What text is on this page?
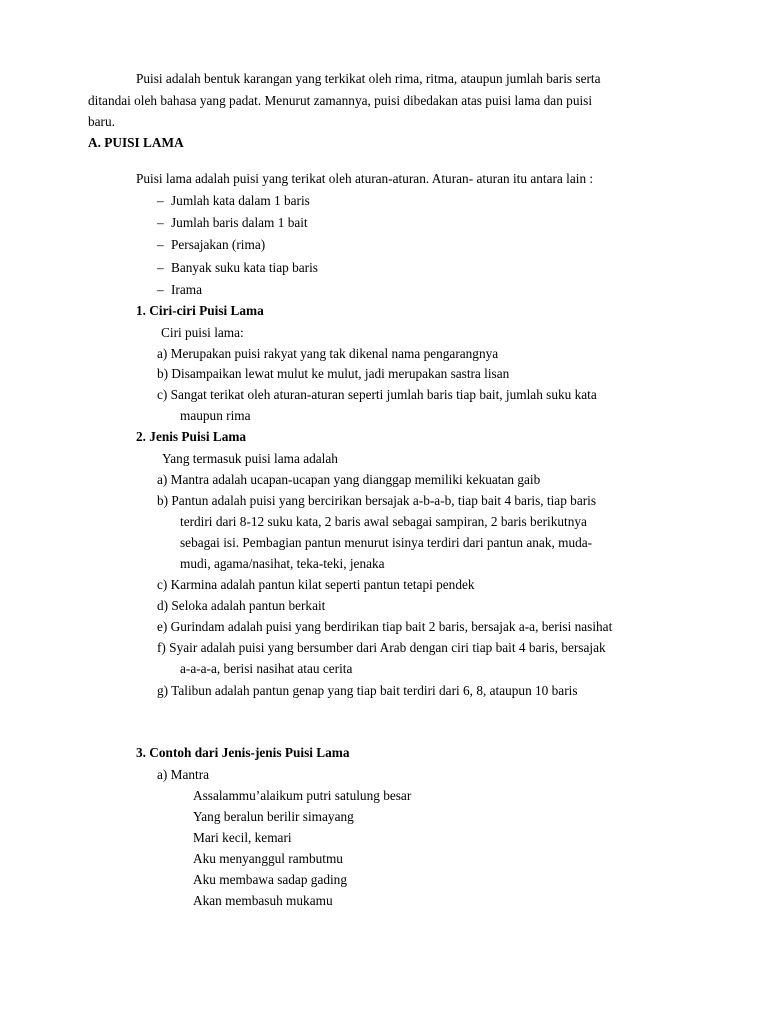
Puisi adalah bentuk karangan yang terkikat oleh rima, ritma, ataupun jumlah baris serta
ditandai oleh bahasa yang padat. Menurut zamannya, puisi dibedakan atas puisi lama dan puisi
baru.
A. PUISI LAMA
Puisi lama adalah puisi yang terikat oleh aturan-aturan. Aturan- aturan itu antara lain :
– Jumlah kata dalam 1 baris
– Jumlah baris dalam 1 bait
– Persajakan (rima)
– Banyak suku kata tiap baris
– Irama
1. Ciri-ciri Puisi Lama
Ciri puisi lama:
a) Merupakan puisi rakyat yang tak dikenal nama pengarangnya
b) Disampaikan lewat mulut ke mulut, jadi merupakan sastra lisan
c) Sangat terikat oleh aturan-aturan seperti jumlah baris tiap bait, jumlah suku kata
maupun rima
2. Jenis Puisi Lama
Yang termasuk puisi lama adalah
a) Mantra adalah ucapan-ucapan yang dianggap memiliki kekuatan gaib
b) Pantun adalah puisi yang bercirikan bersajak a-b-a-b, tiap bait 4 baris, tiap baris
terdiri dari 8-12 suku kata, 2 baris awal sebagai sampiran, 2 baris berikutnya
sebagai isi. Pembagian pantun menurut isinya terdiri dari pantun anak, muda-
mudi, agama/nasihat, teka-teki, jenaka
c) Karmina adalah pantun kilat seperti pantun tetapi pendek
d) Seloka adalah pantun berkait
e) Gurindam adalah puisi yang berdirikan tiap bait 2 baris, bersajak a-a, berisi nasihat
f) Syair adalah puisi yang bersumber dari Arab dengan ciri tiap bait 4 baris, bersajak
a-a-a-a, berisi nasihat atau cerita
g) Talibun adalah pantun genap yang tiap bait terdiri dari 6, 8, ataupun 10 baris
3. Contoh dari Jenis-jenis Puisi Lama
a) Mantra
Assalammu’alaikum putri satulung besar
Yang beralun berilir simayang
Mari kecil, kemari
Aku menyanggul rambutmu
Aku membawa sadap gading
Akan membasuh mukamu
